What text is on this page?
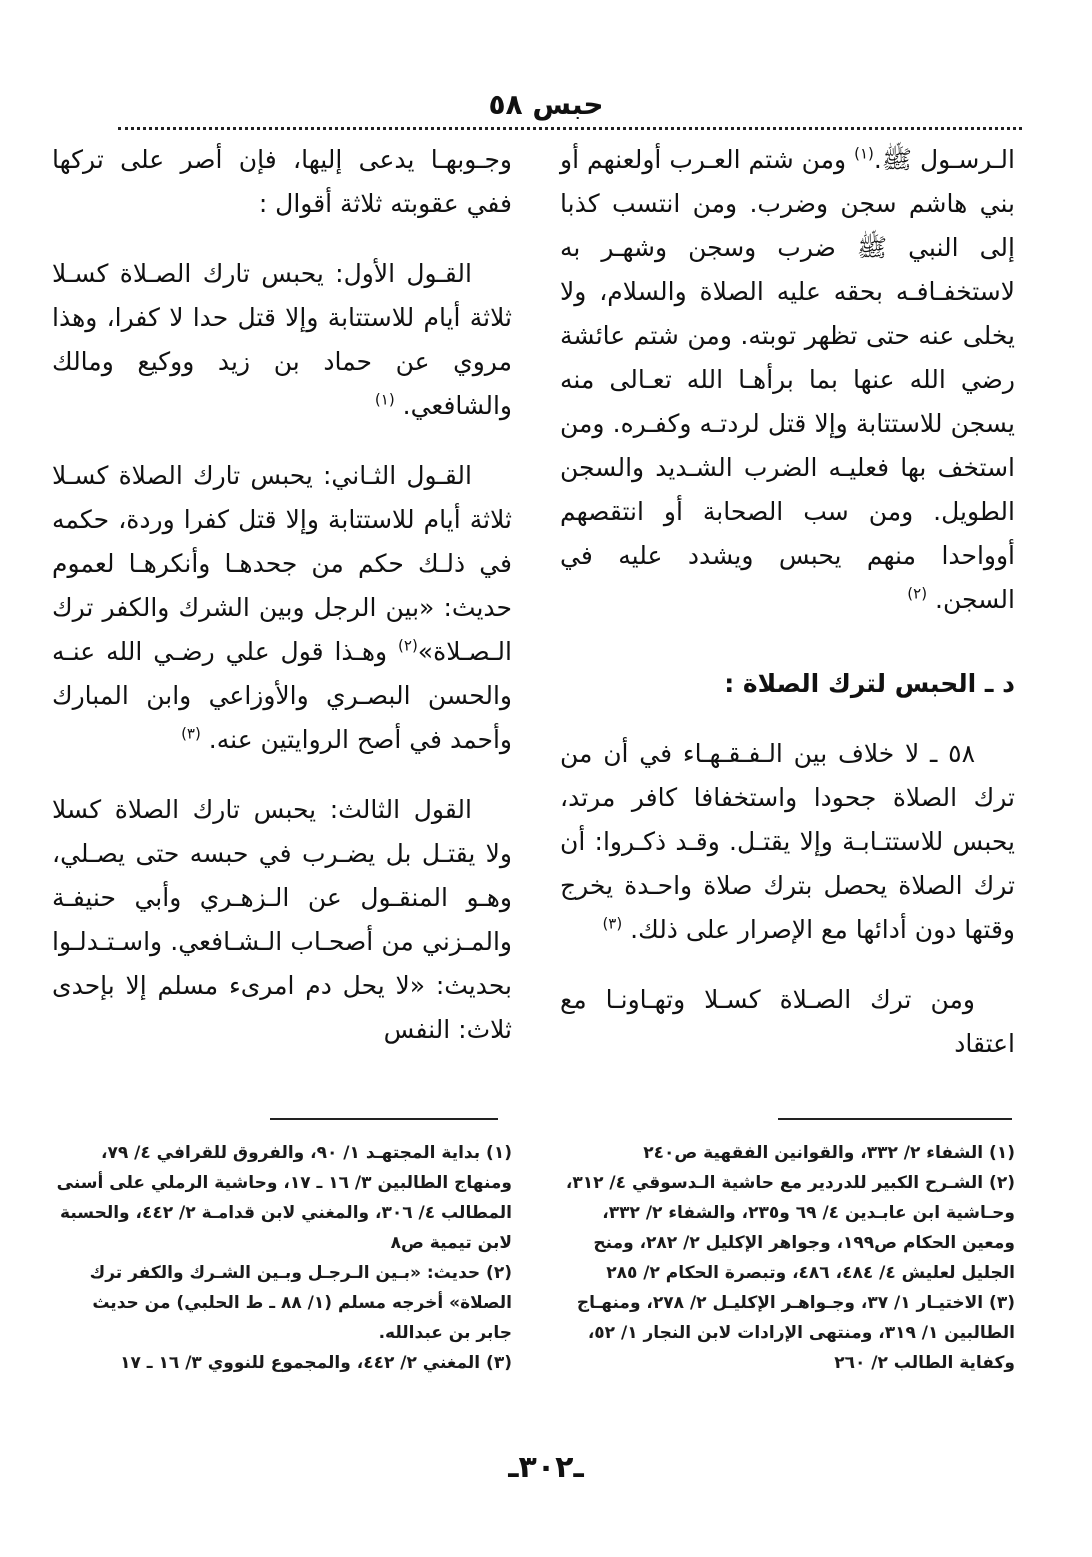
حبس ٥٨

الـرسـول ﷺ.$^{(١)}$ ومن شتم العـرب أولعنهم أو بني هاشم سجن وضرب. ومن انتسب كذبا إلى النبي ﷺ ضرب وسجن وشهـر به لاستخفـافـه بحقه عليه الصلاة والسلام، ولا يخلى عنه حتى تظهر توبته. ومن شتم عائشة رضي الله عنها بما برأهـا الله تعـالى منه يسجن للاستتابة وإلا قتل لردتـه وكفـره. ومن استخف بها فعليـه الضرب الشـديد والسجن الطويل. ومن سب الصحابة أو انتقصهم أوواحدا منهم يحبس ويشدد عليه في السجن. $^{(٢)}$

د ـ الحبس لترك الصلاة :

٥٨ ـ لا خلاف بين الـفـقـهـاء في أن من ترك الصلاة جحودا واستخفافا كافر مرتد، يحبس للاستتـابـة وإلا يقتـل. وقـد ذكـروا: أن ترك الصلاة يحصل بترك صلاة واحـدة يخرج وقتها دون أدائها مع الإصرار على ذلك. $^{(٣)}$

ومن ترك الصـلاة كسـلا وتهـاونـا مع اعتقاد

وجـوبهـا يدعى إليها، فإن أصر على تركها ففي عقوبته ثلاثة أقوال :

القـول الأول: يحبس تارك الصـلاة كسـلا ثلاثة أيام للاستتابة وإلا قتل حدا لا كفرا، وهذا مروي عن حماد بن زيد ووكيع ومالك والشافعي. $^{(١)}$

القـول الثـاني: يحبس تارك الصلاة كسـلا ثلاثة أيام للاستتابة وإلا قتل كفرا وردة، حكمه في ذلـك حكم من جحدهـا وأنكرهـا لعموم حديث: «بين الرجل وبين الشرك والكفر ترك الـصـلاة»$^{(٢)}$ وهـذا قول علي رضـي الله عنـه والحسن البصـري والأوزاعي وابن المبارك وأحمد في أصح الروايتين عنه. $^{(٣)}$

القول الثالث: يحبس تارك الصلاة كسلا ولا يقتـل بل يضـرب في حبسه حتى يصـلي، وهـو المنقـول عن الـزهـري وأبي حنيفـة والمـزني من أصحـاب الـشـافعي. واسـتـدلـوا بحديث: «لا يحل دم امرىء مسلم إلا بإحدى ثلاث: النفس

(١) الشفاء ٢/ ٣٣٢، والقوانين الفقهية ص٢٤٠
(٢) الشـرح الكبير للدردير مع حاشية الـدسوقي ٤/ ٣١٢، وحـاشية ابن عابـدين ٤/ ٦٩ و٢٣٥، والشفاء ٢/ ٣٣٢، ومعين الحكام ص١٩٩، وجواهر الإكليل ٢/ ٢٨٢، ومنح الجليل لعليش ٤/ ٤٨٤، ٤٨٦، وتبصرة الحكام ٢/ ٢٨٥
(٣) الاختيـار ١/ ٣٧، وجـواهـر الإكليـل ٢/ ٢٧٨، ومنهـاج الطالبين ١/ ٣١٩، ومنتهى الإرادات لابن النجار ١/ ٥٢، وكفاية الطالب ٢/ ٢٦٠
(١) بداية المجتهـد ١/ ٩٠، والفروق للقرافي ٤/ ٧٩، ومنهاج الطالبين ٣/ ١٦ ـ ١٧، وحاشية الرملي على أسنى المطالب ٤/ ٣٠٦، والمغني لابن قدامـة ٢/ ٤٤٢، والحسبة لابن تيمية ص٨
(٢) حديث: «بـين الـرجـل وبـين الشـرك والكفر ترك الصلاة» أخرجه مسلم (١/ ٨٨ ـ ط الحلبي) من حديث جابر بن عبدالله.
(٣) المغني ٢/ ٤٤٢، والمجموع للنووي ٣/ ١٦ ـ ١٧
ـ٣٠٢ـ
